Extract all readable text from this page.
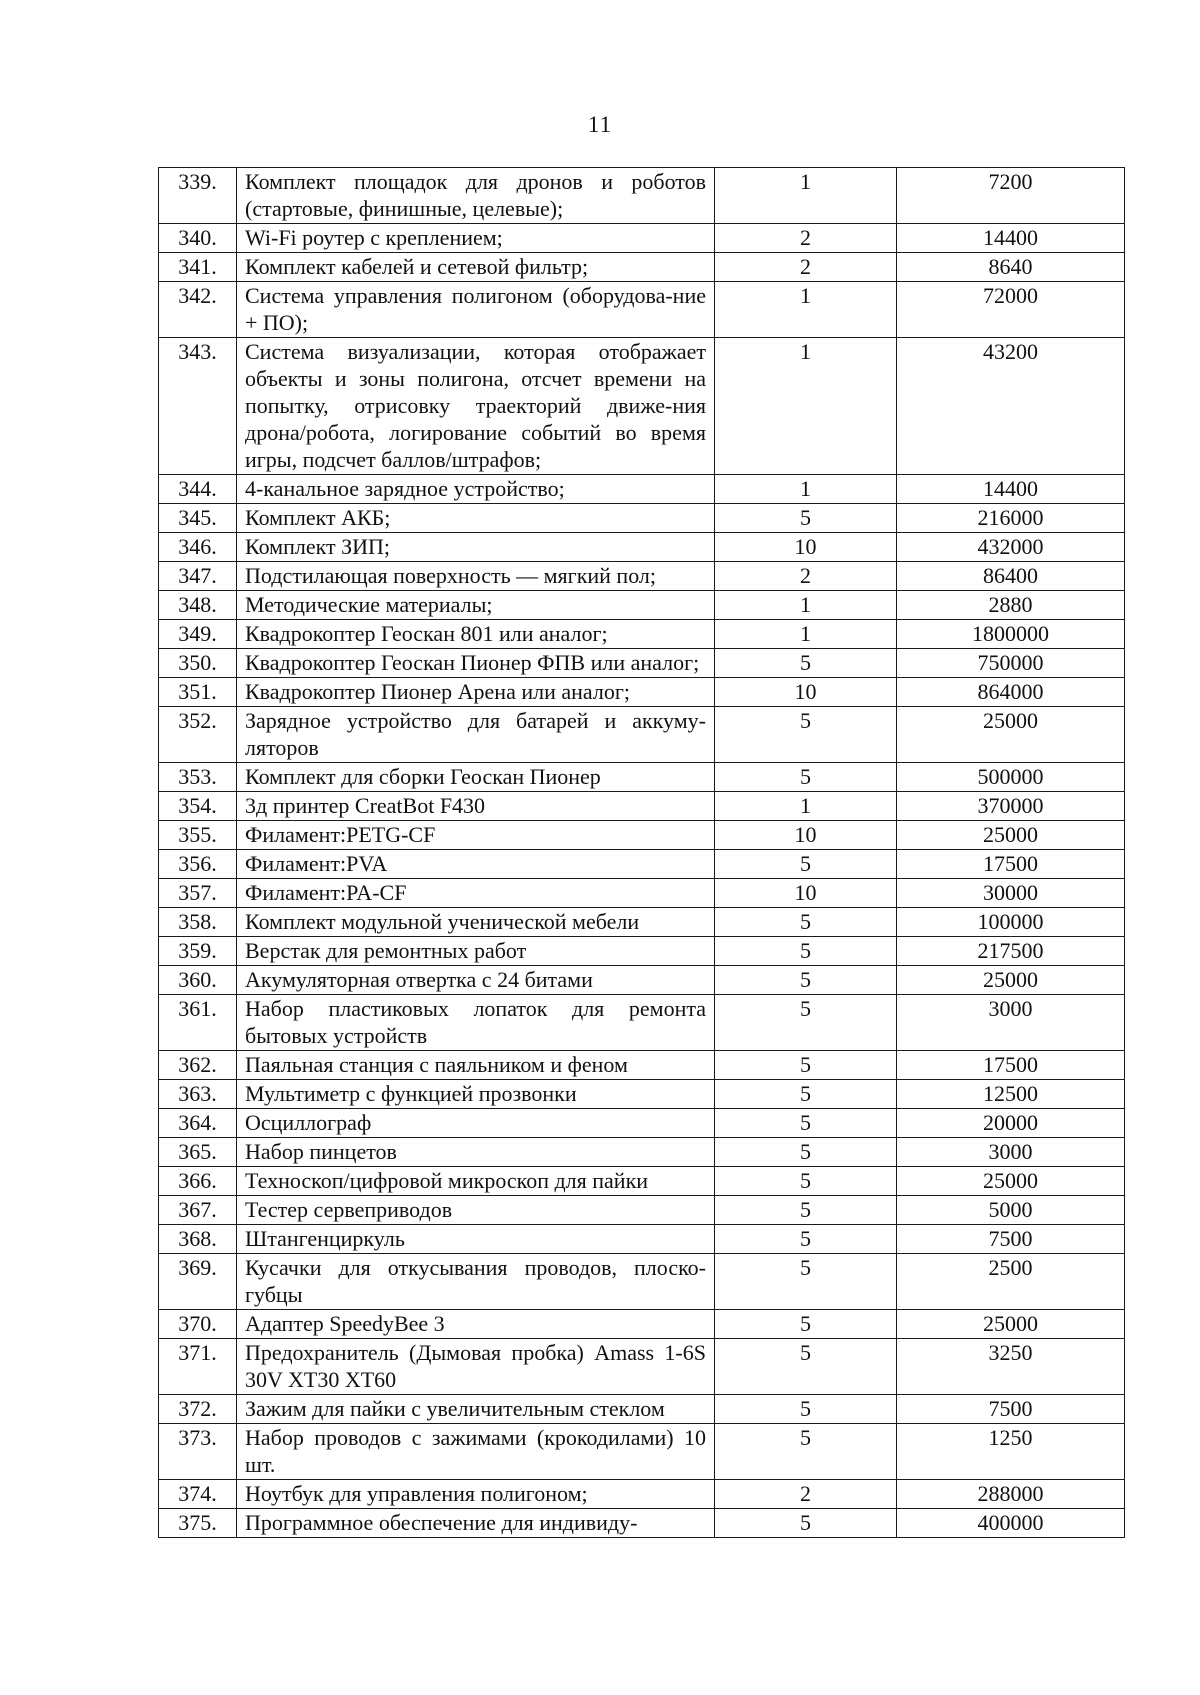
11
339.	Комплект площадок для дронов и роботов (стартовые, финишные, целевые);	1	7200
340.	Wi-Fi роутер с креплением;	2	14400
341.	Комплект кабелей и сетевой фильтр;	2	8640
342.	Система управления полигоном (оборудова-ние + ПО);	1	72000
343.	Система визуализации, которая отображает объекты и зоны полигона, отсчет времени на попытку, отрисовку траекторий движе-ния дрона/робота, логирование событий во время игры, подсчет баллов/штрафов;	1	43200
344.	4-канальное зарядное устройство;	1	14400
345.	Комплект АКБ;	5	216000
346.	Комплект ЗИП;	10	432000
347.	Подстилающая поверхность — мягкий пол;	2	86400
348.	Методические материалы;	1	2880
349.	Квадрокоптер Геоскан 801 или аналог;	1	1800000
350.	Квадрокоптер Геоскан Пионер ФПВ или аналог;	5	750000
351.	Квадрокоптер Пионер Арена или аналог;	10	864000
352.	Зарядное устройство для батарей и аккуму-ляторов	5	25000
353.	Комплект для сборки Геоскан Пионер	5	500000
354.	3д принтер CreatBot F430	1	370000
355.	Филамент:PETG-CF	10	25000
356.	Филамент:PVA	5	17500
357.	Филамент:PA-CF	10	30000
358.	Комплект модульной ученической мебели	5	100000
359.	Верстак для ремонтных работ	5	217500
360.	Акумуляторная отвертка с 24 битами	5	25000
361.	Набор пластиковых лопаток для ремонта бытовых устройств	5	3000
362.	Паяльная станция с паяльником и феном	5	17500
363.	Мультиметр с функцией прозвонки	5	12500
364.	Осциллограф	5	20000
365.	Набор пинцетов	5	3000
366.	Техноскоп/цифровой микроскоп для пайки	5	25000
367.	Тестер сервеприводов	5	5000
368.	Штангенциркуль	5	7500
369.	Кусачки для откусывания проводов, плоско-губцы	5	2500
370.	Адаптер SpeedyBee 3	5	25000
371.	Предохранитель (Дымовая пробка) Amass 1-6S 30V XT30 XT60	5	3250
372.	Зажим для пайки с увеличительным стеклом	5	7500
373.	Набор проводов с зажимами (крокодилами) 10 шт.	5	1250
374.	Ноутбук для управления полигоном;	2	288000
375.	Программное обеспечение для индивиду-	5	400000
